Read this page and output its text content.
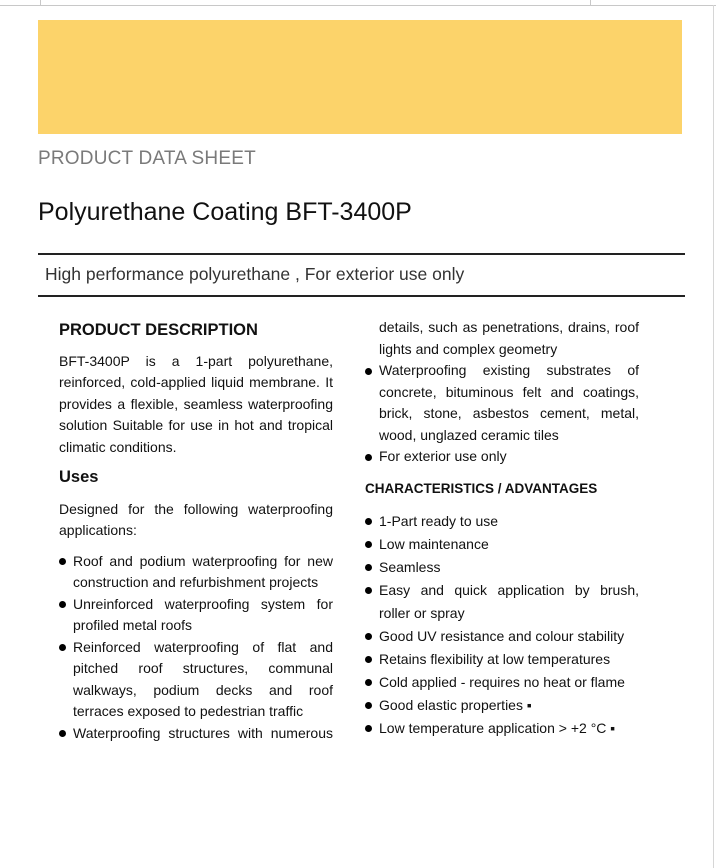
PRODUCT DATA SHEET
Polyurethane Coating BFT-3400P
High performance polyurethane , For exterior use only
PRODUCT DESCRIPTION

BFT-3400P is a 1-part polyurethane, reinforced, cold-applied liquid membrane. It provides a flexible, seamless waterproofing solution Suitable for use in hot and tropical climatic conditions.

Uses

Designed for the following waterproofing applications:

Roof and podium waterproofing for new construction and refurbishment projects
Unreinforced waterproofing system for profiled metal roofs
Reinforced waterproofing of flat and pitched roof structures, communal walkways, podium decks and roof terraces exposed to pedestrian traffic
Waterproofing structures with numerous
details, such as penetrations, drains, roof lights and complex geometry
Waterproofing existing substrates of concrete, bituminous felt and coatings, brick, stone, asbestos cement, metal, wood, unglazed ceramic tiles
For exterior use only
CHARACTERISTICS / ADVANTAGES
1-Part ready to use
Low maintenance
Seamless
Easy and quick application by brush, roller or spray
Good UV resistance and colour stability
Retains flexibility at low temperatures
Cold applied - requires no heat or flame
Good elastic properties ▪
Low temperature application > +2 °C ▪
